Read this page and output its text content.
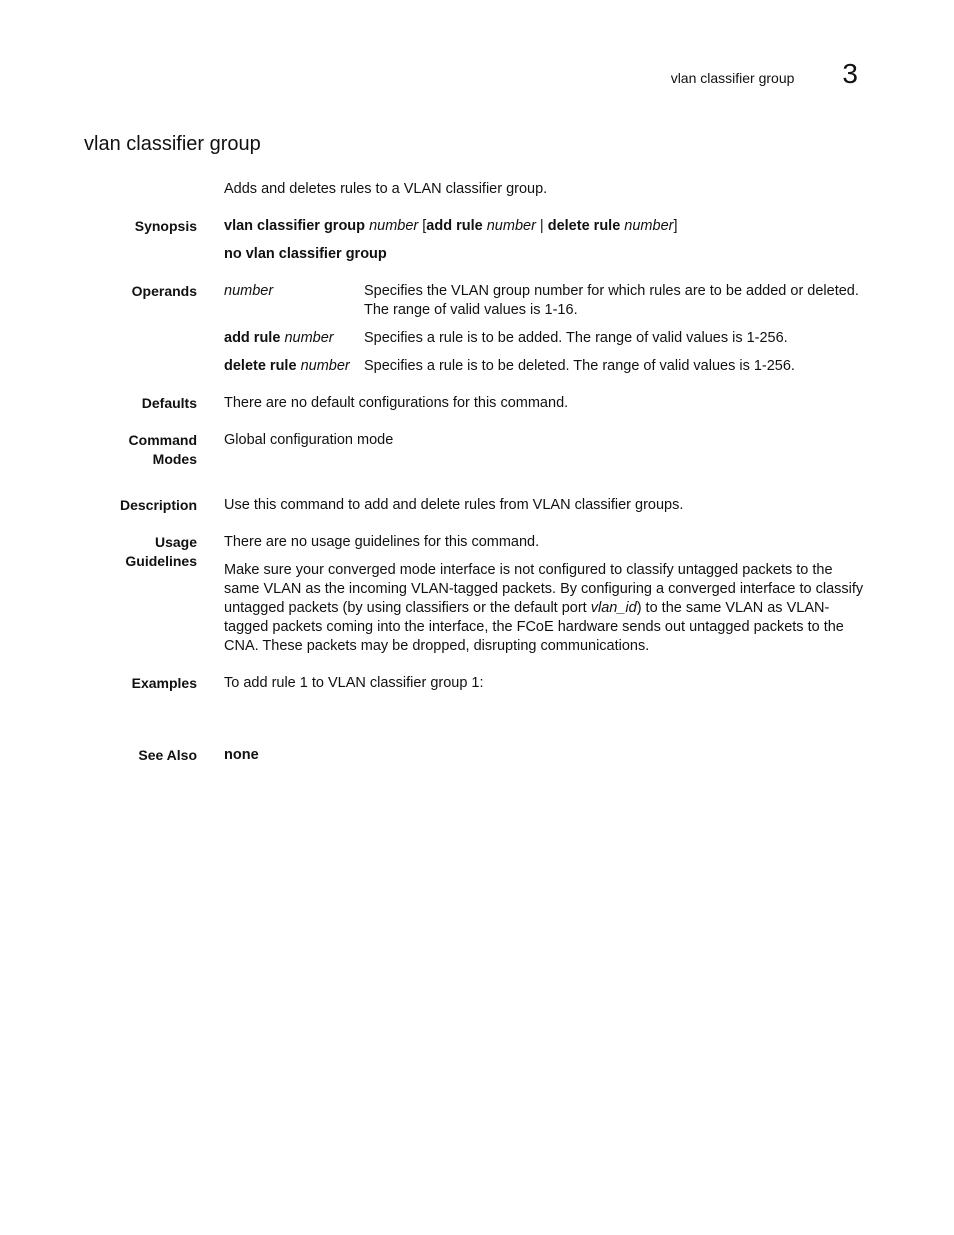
vlan classifier group 3
vlan classifier group

Adds and deletes rules to a VLAN classifier group.

Synopsis vlan classifier group number [add rule number | delete rule number]

no vlan classifier group

Operands number	Specifies the VLAN group number for which rules are to be added or deleted. The range of valid values is 1-16.
add rule number	Specifies a rule is to be added. The range of valid values is 1-256.
delete rule number Specifies a rule is to be deleted. The range of valid values is 1-256.
Defaults There are no default configurations for this command.

Command
Modes

Global configuration mode

Description Use this command to add and delete rules from VLAN classifier groups.

Usage
Guidelines

There are no usage guidelines for this command.

Make sure your converged mode interface is not configured to classify untagged packets to the same VLAN as the incoming VLAN-tagged packets. By configuring a converged interface to classify untagged packets (by using classifiers or the default port vlan_id) to the same VLAN as VLAN-tagged packets coming into the interface, the FCoE hardware sends out untagged packets to the CNA. These packets may be dropped, disrupting communications.

Examples To add rule 1 to VLAN classifier group 1:

See Also none
